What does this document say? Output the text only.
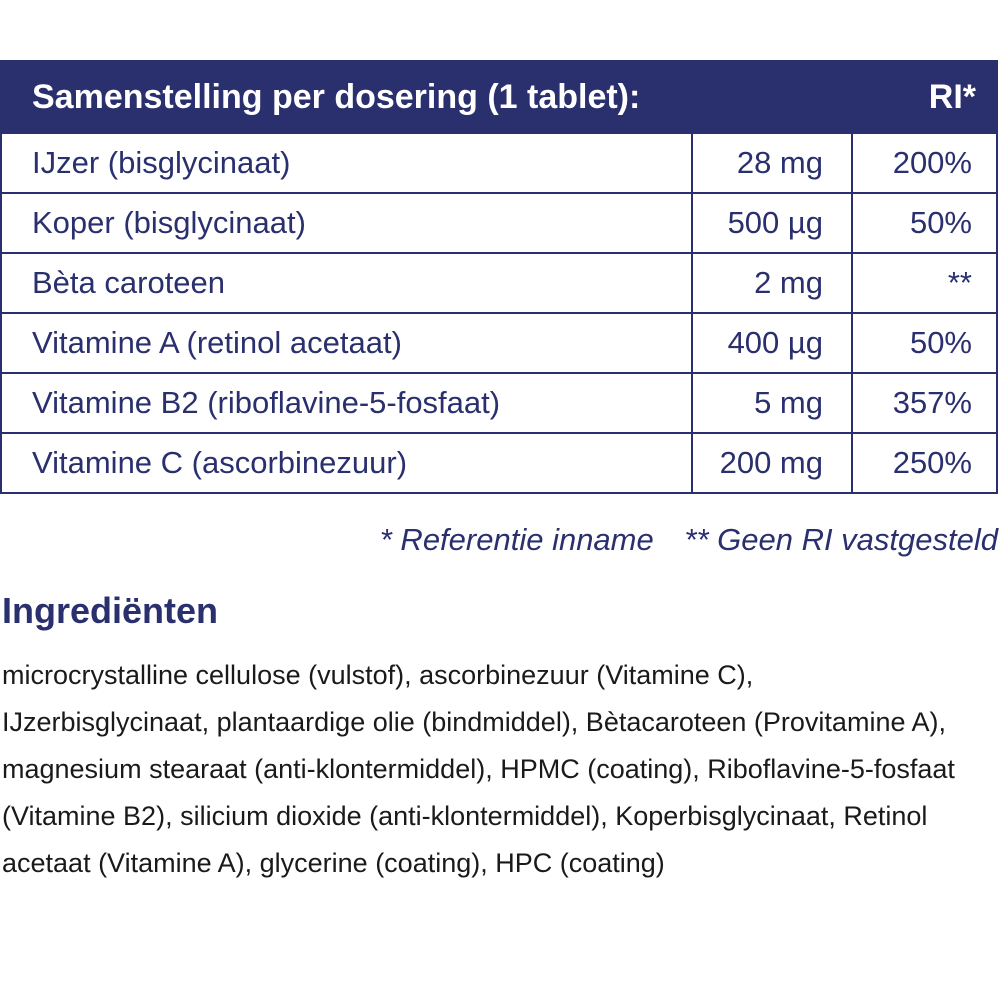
Samenstelling per dosering (1 tablet):		RI*
IJzer (bisglycinaat)	28 mg	200%
Koper (bisglycinaat)	500 µg	50%
Bèta caroteen	2 mg	**
Vitamine A (retinol acetaat)	400 µg	50%
Vitamine B2 (riboflavine-5-fosfaat)	5 mg	357%
Vitamine C (ascorbinezuur)	200 mg	250%
* Referentie inname ** Geen RI vastgesteld
Ingrediënten

microcrystalline cellulose (vulstof), ascorbinezuur (Vitamine C), IJzerbisglycinaat, plantaardige olie (bindmiddel), Bètacaroteen (Provitamine A), magnesium stearaat (anti-klontermiddel), HPMC (coating), Riboflavine-5-fosfaat (Vitamine B2), silicium dioxide (anti-klontermiddel), Koperbisglycinaat, Retinol acetaat (Vitamine A), glycerine (coating), HPC (coating)
